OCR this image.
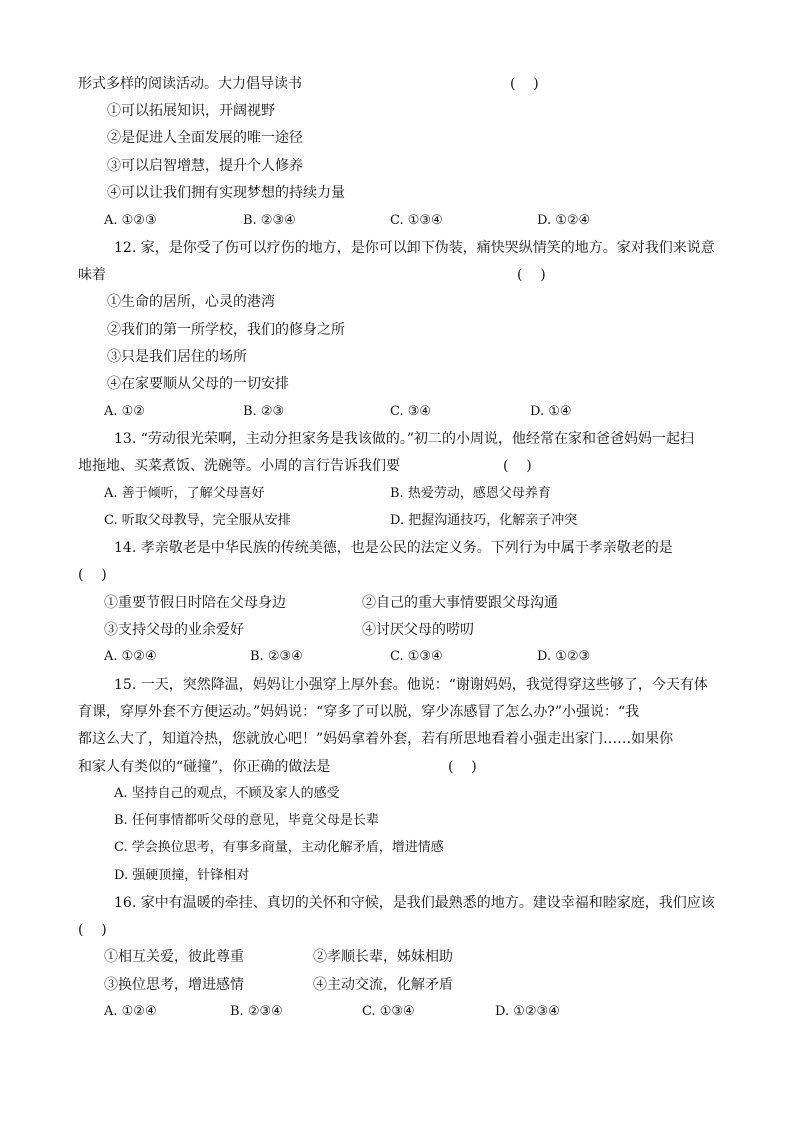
形式多样的阅读活动。大力倡导读书	(    )
①可以拓展知识，开阔视野
②是促进人全面发展的唯一途径
③可以启智增慧，提升个人修养
④可以让我们拥有实现梦想的持续力量
A. ①②③	B. ②③④	C. ①③④	D. ①②④
12. 家，是你受了伤可以疗伤的地方，是你可以卸下伪装，痛快哭纵情笑的地方。家对我们来说意
味着	(    )
①生命的居所，心灵的港湾
②我们的第一所学校，我们的修身之所
③只是我们居住的场所
④在家要顺从父母的一切安排
A. ①②	B. ②③	C. ③④	D. ①④
13. “劳动很光荣啊，主动分担家务是我该做的。”初二的小周说，他经常在家和爸爸妈妈一起扫
地拖地、买菜煮饭、洗碗等。小周的言行告诉我们要	(    )
A. 善于倾听，了解父母喜好	B. 热爱劳动，感恩父母养育
C. 听取父母教导，完全服从安排	D. 把握沟通技巧，化解亲子冲突
14. 孝亲敬老是中华民族的传统美德，也是公民的法定义务。下列行为中属于孝亲敬老的是
(    )
①重要节假日时陪在父母身边	②自己的重大事情要跟父母沟通
③支持父母的业余爱好	④讨厌父母的唠叨
A. ①②④	B. ②③④	C. ①③④	D. ①②③
15. 一天，突然降温，妈妈让小强穿上厚外套。他说：“谢谢妈妈，我觉得穿这些够了，今天有体
育课，穿厚外套不方便运动。”妈妈说：“穿多了可以脱，穿少冻感冒了怎么办?”小强说：“我
都这么大了，知道冷热，您就放心吧！”妈妈拿着外套，若有所思地看着小强走出家门……如果你
和家人有类似的“碰撞”，你正确的做法是	(    )
A. 坚持自己的观点，不顾及家人的感受
B. 任何事情都听父母的意见，毕竟父母是长辈
C. 学会换位思考，有事多商量，主动化解矛盾，增进情感
D. 强硬顶撞，针锋相对
16. 家中有温暖的牵挂、真切的关怀和守候，是我们最熟悉的地方。建设幸福和睦家庭，我们应该
(    )
①相互关爱，彼此尊重	②孝顺长辈，姊妹相助
③换位思考，增进感情	④主动交流，化解矛盾
A. ①②④	B. ②③④	C. ①③④	D. ①②③④
